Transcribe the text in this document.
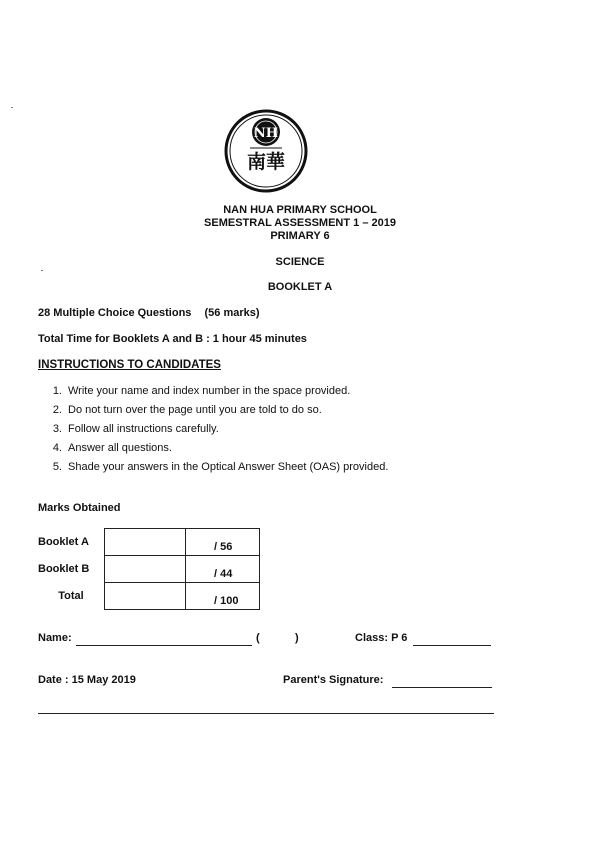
NH
南華
NAN HUA PRIMARY SCHOOL
SEMESTRAL ASSESSMENT 1 – 2019
PRIMARY 6
SCIENCE
BOOKLET A
28 Multiple Choice Questions (56 marks)
Total Time for Booklets A and B : 1 hour 45 minutes
INSTRUCTIONS TO CANDIDATES
1. Write your name and index number in the space provided.
2. Do not turn over the page until you are told to do so.
3. Follow all instructions carefully.
4. Answer all questions.
5. Shade your answers in the Optical Answer Sheet (OAS) provided.
Marks Obtained
Booklet A		/ 56
Booklet B		/ 44
Total		/ 100
Name:	(	)	Class: P 6
Date : 15 May 2019	Parent's Signature:
